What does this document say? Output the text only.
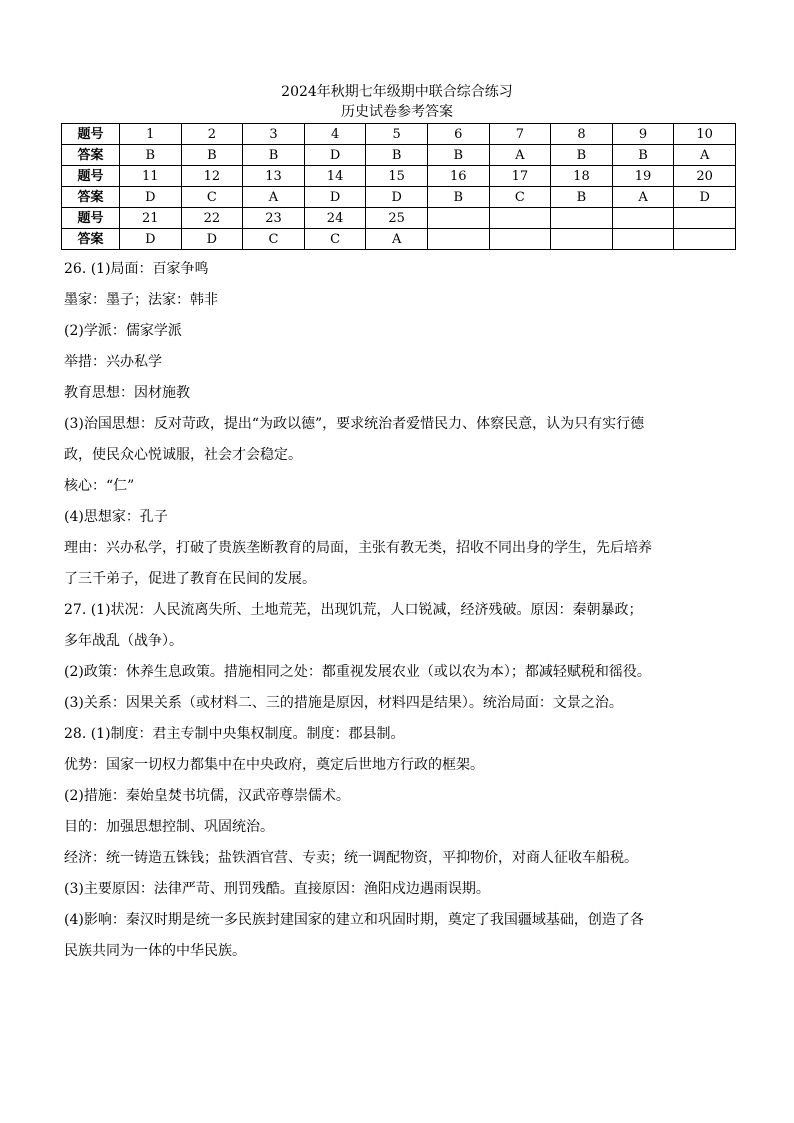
2024年秋期七年级期中联合综合练习
历史试卷参考答案
题号	1	2	3	4	5	6	7	8	9	10
答案	B	B	B	D	B	B	A	B	B	A
题号	11	12	13	14	15	16	17	18	19	20
答案	D	C	A	D	D	B	C	B	A	D
题号	21	22	23	24	25					
答案	D	D	C	C	A					

26. (1)局面：百家争鸣

墨家：墨子；法家：韩非

(2)学派：儒家学派

举措：兴办私学

教育思想：因材施教

(3)治国思想：反对苛政，提出“为政以德”，要求统治者爱惜民力、体察民意，认为只有实行德

政，使民众心悦诚服，社会才会稳定。

核心：“仁”

(4)思想家：孔子

理由：兴办私学，打破了贵族垄断教育的局面，主张有教无类，招收不同出身的学生，先后培养

了三千弟子，促进了教育在民间的发展。

27. (1)状况：人民流离失所、土地荒芜，出现饥荒，人口锐减，经济残破。原因：秦朝暴政；

多年战乱（战争）。

(2)政策：休养生息政策。措施相同之处：都重视发展农业（或以农为本）；都减轻赋税和徭役。

(3)关系：因果关系（或材料二、三的措施是原因，材料四是结果）。统治局面：文景之治。

28. (1)制度：君主专制中央集权制度。制度：郡县制。

优势：国家一切权力都集中在中央政府，奠定后世地方行政的框架。

(2)措施：秦始皇焚书坑儒，汉武帝尊崇儒术。

目的：加强思想控制、巩固统治。

经济：统一铸造五铢钱；盐铁酒官营、专卖；统一调配物资，平抑物价，对商人征收车船税。

(3)主要原因：法律严苛、刑罚残酷。直接原因：渔阳戍边遇雨误期。

(4)影响：秦汉时期是统一多民族封建国家的建立和巩固时期，奠定了我国疆域基础，创造了各

民族共同为一体的中华民族。
